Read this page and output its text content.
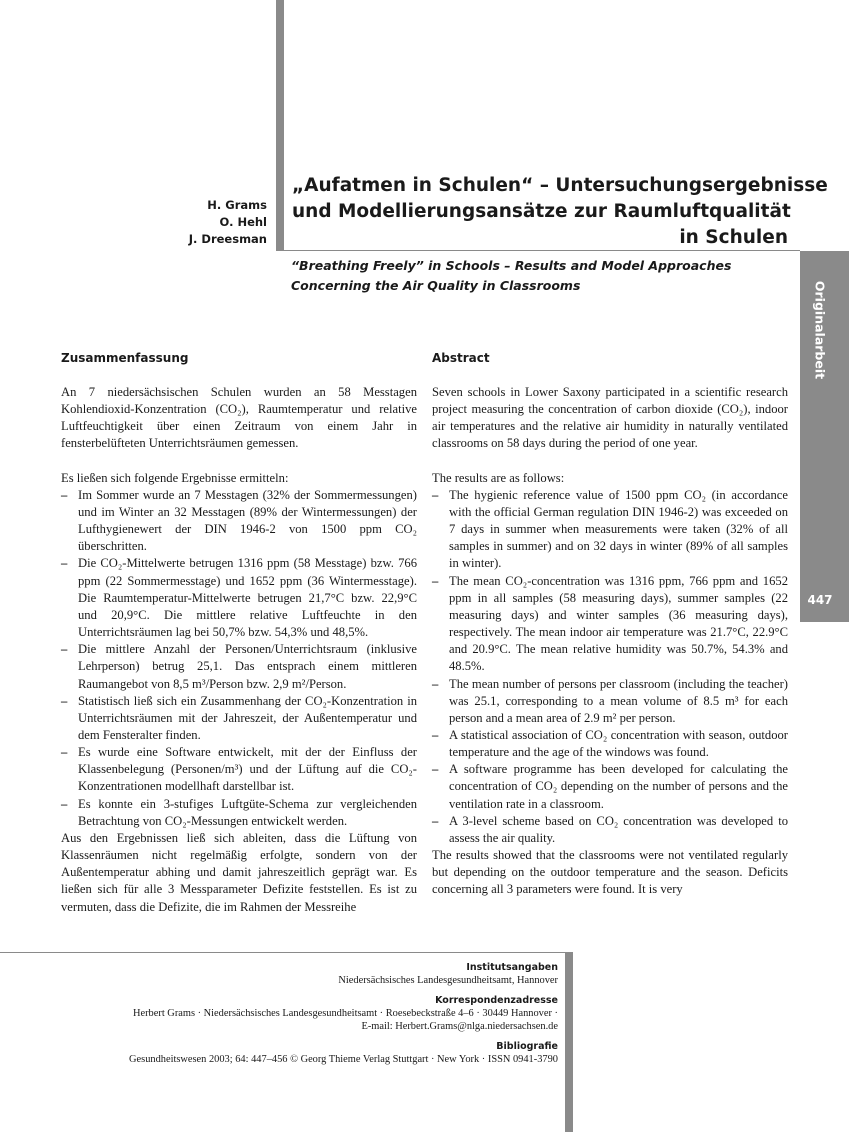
H. Grams
O. Hehl
J. Dreesman
„Aufatmen in Schulen“ – Untersuchungsergebnisse
und Modellierungsansätze zur Raumluftqualität
in Schulen
“Breathing Freely” in Schools – Results and Model Approaches Concerning the Air Quality in Classrooms	Originalarbeit
447
Zusammenfassung

An 7 niedersächsischen Schulen wurden an 58 Messtagen Kohlendioxid-Konzentration (CO₂), Raumtemperatur und relative Luftfeuchtigkeit über einen Zeitraum von einem Jahr in fensterbelüfteten Unterrichtsräumen gemessen.

Es ließen sich folgende Ergebnisse ermitteln:

– Im Sommer wurde an 7 Messtagen (32% der Sommermessungen) und im Winter an 32 Messtagen (89% der Wintermessungen) der Lufthygienewert der DIN 1946-2 von 1500 ppm CO₂ überschritten.
– Die CO₂-Mittelwerte betrugen 1316 ppm (58 Messtage) bzw. 766 ppm (22 Sommermesstage) und 1652 ppm (36 Wintermesstage). Die Raumtemperatur-Mittelwerte betrugen 21,7°C bzw. 22,9°C und 20,9°C. Die mittlere relative Luftfeuchte in den Unterrichtsräumen lag bei 50,7% bzw. 54,3% und 48,5%.
– Die mittlere Anzahl der Personen/Unterrichtsraum (inklusive Lehrperson) betrug 25,1. Das entsprach einem mittleren Raumangebot von 8,5 m³/Person bzw. 2,9 m²/Person.
– Statistisch ließ sich ein Zusammenhang der CO₂-Konzentration in Unterrichtsräumen mit der Jahreszeit, der Außentemperatur und dem Fensteralter finden.
– Es wurde eine Software entwickelt, mit der der Einfluss der Klassenbelegung (Personen/m³) und der Lüftung auf die CO₂-Konzentrationen modellhaft darstellbar ist.
– Es konnte ein 3-stufiges Luftgüte-Schema zur vergleichenden Betrachtung von CO₂-Messungen entwickelt werden.

Aus den Ergebnissen ließ sich ableiten, dass die Lüftung von Klassenräumen nicht regelmäßig erfolgte, sondern von der Außentemperatur abhing und damit jahreszeitlich geprägt war. Es ließen sich für alle 3 Messparameter Defizite feststellen. Es ist zu vermuten, dass die Defizite, die im Rahmen der Messreihe

Abstract

Seven schools in Lower Saxony participated in a scientific research project measuring the concentration of carbon dioxide (CO₂), indoor air temperatures and the relative air humidity in naturally ventilated classrooms on 58 days during the period of one year.

The results are as follows:

– The hygienic reference value of 1500 ppm CO₂ (in accordance with the official German regulation DIN 1946-2) was exceeded on 7 days in summer when measurements were taken (32% of all samples in summer) and on 32 days in winter (89% of all samples in winter).
– The mean CO₂-concentration was 1316 ppm, 766 ppm and 1652 ppm in all samples (58 measuring days), summer samples (22 measuring days) and winter samples (36 measuring days), respectively. The mean indoor air temperature was 21.7°C, 22.9°C and 20.9°C. The mean relative humidity was 50.7%, 54.3% and 48.5%.
– The mean number of persons per classroom (including the teacher) was 25.1, corresponding to a mean volume of 8.5 m³ for each person and a mean area of 2.9 m² per person.
– A statistical association of CO₂ concentration with season, outdoor temperature and the age of the windows was found.
– A software programme has been developed for calculating the concentration of CO₂ depending on the number of persons and the ventilation rate in a classroom.
– A 3-level scheme based on CO₂ concentration was developed to assess the air quality.

The results showed that the classrooms were not ventilated regularly but depending on the outdoor temperature and the season. Deficits concerning all 3 parameters were found. It is very

Institutsangaben
Niedersächsisches Landesgesundheitsamt, Hannover
Korrespondenzadresse
Herbert Grams · Niedersächsisches Landesgesundheitsamt · Roesebeckstraße 4–6 · 30449 Hannover ·
E-mail: Herbert.Grams@nlga.niedersachsen.de
Bibliografie
Gesundheitswesen 2003; 64: 447–456 © Georg Thieme Verlag Stuttgart · New York · ISSN 0941-3790
